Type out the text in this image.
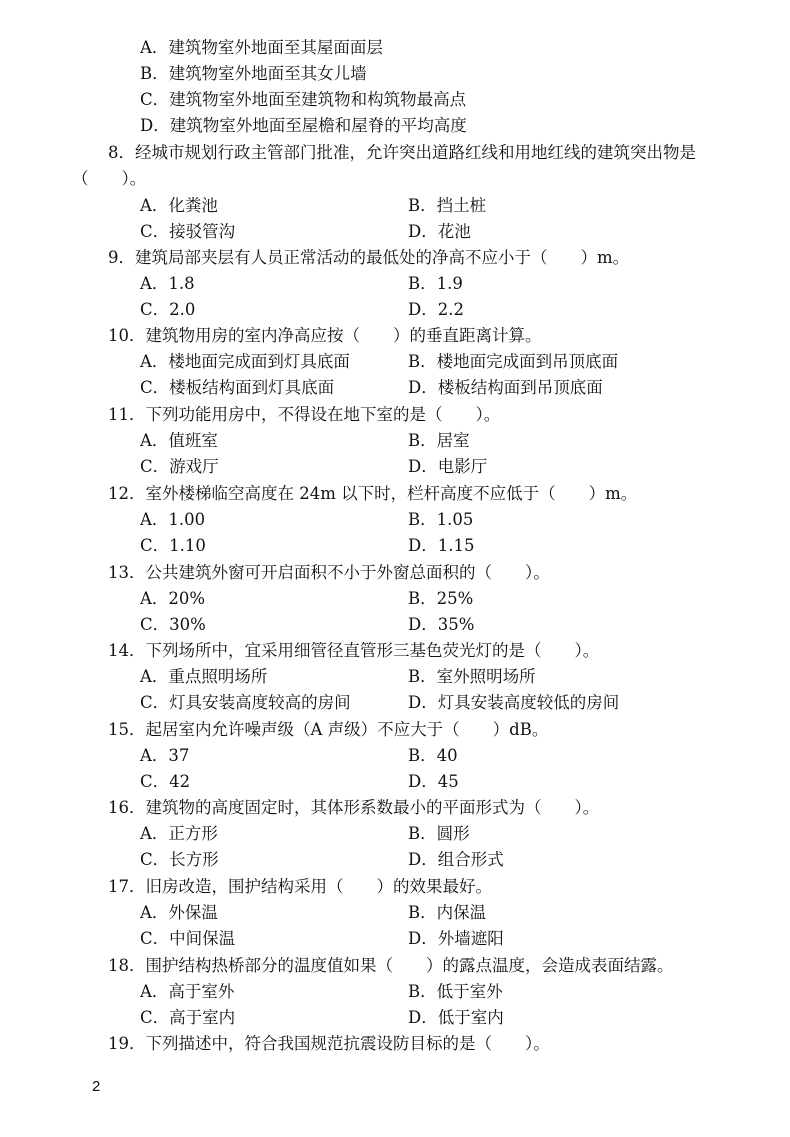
A．建筑物室外地面至其屋面面层
B．建筑物室外地面至其女儿墙
C．建筑物室外地面至建筑物和构筑物最高点
D．建筑物室外地面至屋檐和屋脊的平均高度
8．经城市规划行政主管部门批准，允许突出道路红线和用地红线的建筑突出物是
（　　）。
A．化粪池	B．挡土桩
C．接驳管沟	D．花池
9．建筑局部夹层有人员正常活动的最低处的净高不应小于（　　）m。
A．1.8	B．1.9
C．2.0	D．2.2
10．建筑物用房的室内净高应按（　　）的垂直距离计算。
A．楼地面完成面到灯具底面	B．楼地面完成面到吊顶底面
C．楼板结构面到灯具底面	D．楼板结构面到吊顶底面
11．下列功能用房中，不得设在地下室的是（　　）。
A．值班室	B．居室
C．游戏厅	D．电影厅
12．室外楼梯临空高度在 24m 以下时，栏杆高度不应低于（　　）m。
A．1.00	B．1.05
C．1.10	D．1.15
13．公共建筑外窗可开启面积不小于外窗总面积的（　　）。
A．20%	B．25%
C．30%	D．35%
14．下列场所中，宜采用细管径直管形三基色荧光灯的是（　　）。
A．重点照明场所	B．室外照明场所
C．灯具安装高度较高的房间	D．灯具安装高度较低的房间
15．起居室内允许噪声级（A 声级）不应大于（　　）dB。
A．37	B．40
C．42	D．45
16．建筑物的高度固定时，其体形系数最小的平面形式为（　　）。
A．正方形	B．圆形
C．长方形	D．组合形式
17．旧房改造，围护结构采用（　　）的效果最好。
A．外保温	B．内保温
C．中间保温	D．外墙遮阳
18．围护结构热桥部分的温度值如果（　　）的露点温度，会造成表面结露。
A．高于室外	B．低于室外
C．高于室内	D．低于室内
19．下列描述中，符合我国规范抗震设防目标的是（　　）。
2
